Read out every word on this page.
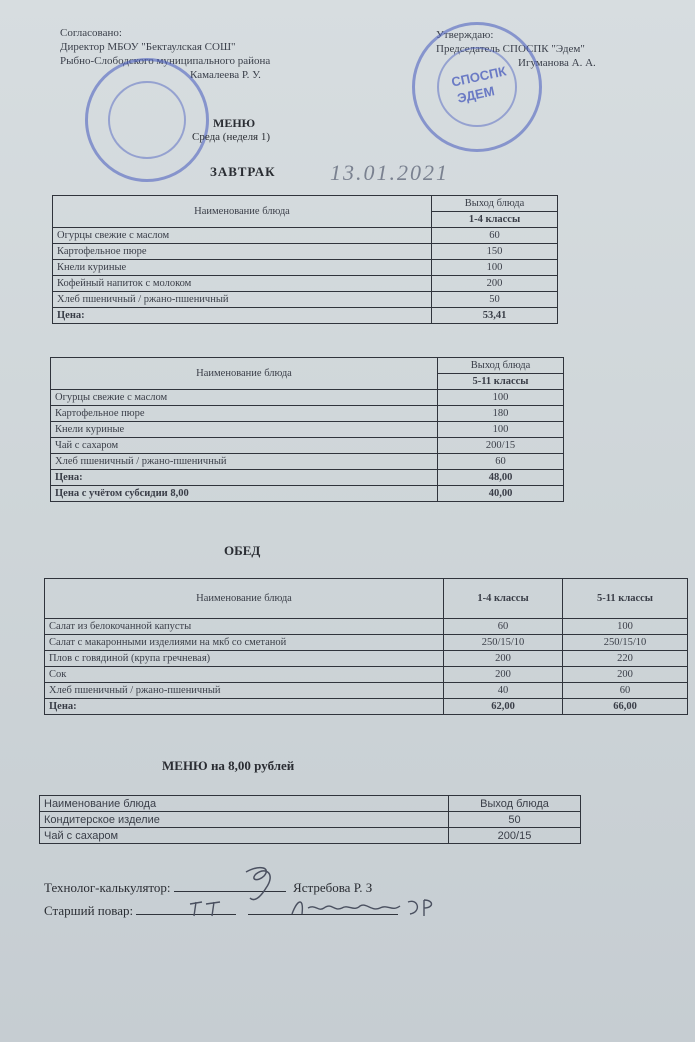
Согласовано:
Директор МБОУ "Бектаулская СОШ"
Рыбно-Слободского муниципального района
Камалеева Р. У.
Утверждаю:
Председатель СПОСПК "Эдем"
Игуманова А. А.
СПОСПК
ЭДЕМ
МЕНЮ
Среда (неделя 1)
ЗАВТРАК 13.01.2021
Наименование блюда	Выход блюда
	1-4 классы
Огурцы свежие с маслом	60
Картофельное пюре	150
Кнели куриные	100
Кофейный напиток с молоком	200
Хлеб пшеничный / ржано-пшеничный	50
Цена:	53,41
Наименование блюда	Выход блюда
	5-11 классы
Огурцы свежие с маслом	100
Картофельное пюре	180
Кнели куриные	100
Чай с сахаром	200/15
Хлеб пшеничный / ржано-пшеничный	60
Цена:	48,00
Цена с учётом субсидии 8,00	40,00
ОБЕД
Наименование блюда	1-4 классы	5-11 классы
Салат из белокочанной капусты	60	100
Салат с макаронными изделиями на мкб со сметаной	250/15/10	250/15/10
Плов с говядиной (крупа гречневая)	200	220
Сок	200	200
Хлеб пшеничный / ржано-пшеничный	40	60
Цена:	62,00	66,00
МЕНЮ на 8,00 рублей
Наименование блюда	Выход блюда
Кондитерское изделие	50
Чай с сахаром	200/15
Технолог-калькулятор:	Ястребова Р. З
Старший повар:
